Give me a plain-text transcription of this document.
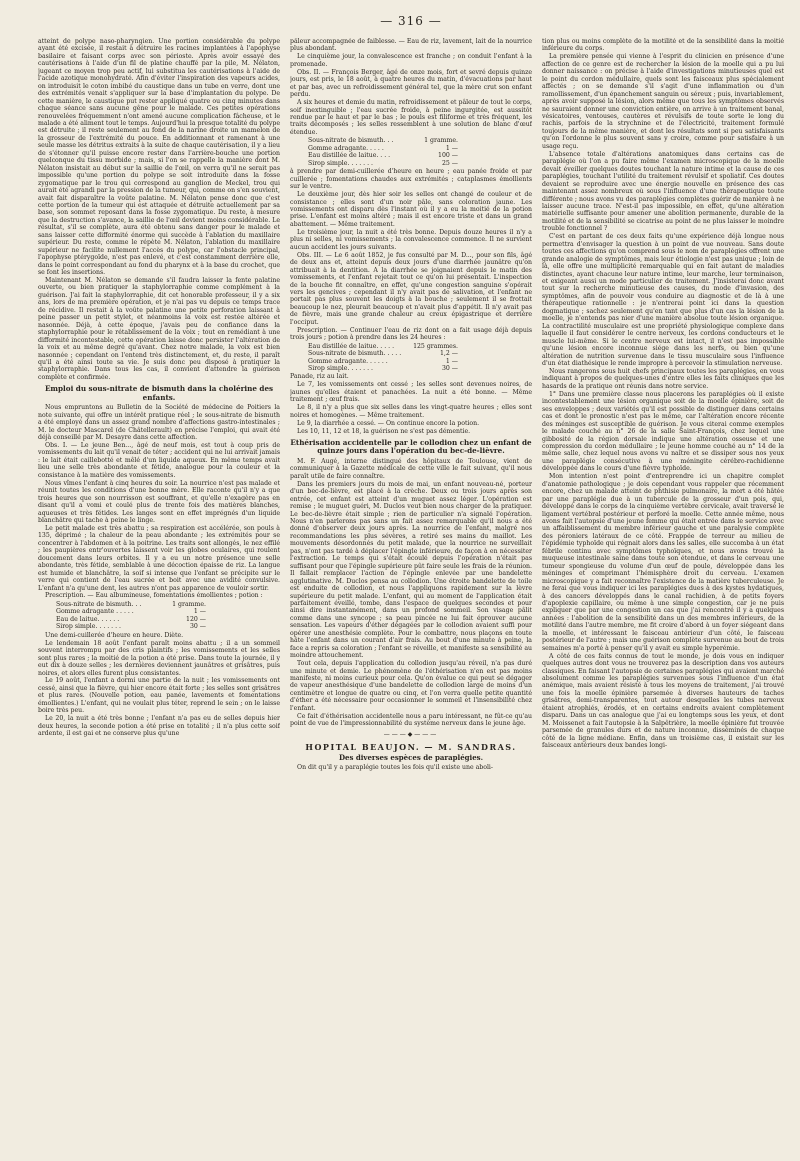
— 316 —

atteint de polype naso-pharyngien. Une portion considérable du polype ayant été excisée, il restait à détruire les racines implantées à l'apophyse basilaire et faisant corps avec son périoste. Après avoir essayé des cautérisations à l'aide d'un fil de platine chauffé par la pile, M. Nélaton, jugeant ce moyen trop peu actif, lui substitua les cautérisations à l'aide de l'acide azotique monohydraté. Afin d'éviter l'inspiration des vapeurs acides, on introduisit le coton imbibé du caustique dans un tube en verre, dont une des extrémités venait s'appliquer sur la base d'implantation du polype. De cette manière, le caustique put rester appliqué quatre ou cinq minutes dans chaque séance sans aucune gêne pour le malade. Ces petites opérations renouvelées fréquemment n'ont amené aucune complication fâcheuse, et le malade a été aliment tout le temps. Aujourd'hui la presque totalité du polype est détruite ; il reste seulement au fond de la narine droite un mamelon de la grosseur de l'extrémité du pouce. En additionnant et ramenant à une seule masse les détritus extraits à la suite de chaque cautérisation, il y a lieu de s'étonner qu'il puisse encore rester dans l'arrière-bouche une portion quelconque du tissu morbide ; mais, si l'on se rappelle la manière dont M. Nélaton insistait au début sur la saillie de l'œil, on verra qu'il ne serait pas impossible qu'une portion du polype se soit introduite dans la fosse zygomatique par le trou qui correspond au ganglion de Meckel, trou qui aurait été agrandi par la pression de la tumeur, qui, comme on s'en souvient, avait fait disparaître la voûte palatine. M. Nélaton pense donc que c'est cette portion de la tumeur qui est attaquée et détruite actuellement par sa base, son sommet reposant dans la fosse zygomatique. Du reste, à mesure que la destruction s'avance, la saillie de l'œil devient moins considérable. Le résultat, s'il se complète, aura été obtenu sans danger pour le malade et sans laisser cette difformité énorme qui succède à l'ablation du maxillaire supérieur. Du reste, comme le répète M. Nélaton, l'ablation du maxillaire supérieur ne facilite nullement l'accès du polype, car l'obstacle principal, l'apophyse ptérygoïde, n'est pas enlevé, et c'est constamment derrière elle, dans le point correspondant au fond du pharynx et à la base du crochet, que se font les insertions.

Maintenant M. Nélaton se demande s'il faudra laisser la fente palatine ouverte, ou bien pratiquer la staphylorraphie comme complément à la guérison. J'ai fait la staphylorraphie, dit cet honorable professeur, il y a six ans, lors de ma première opération, et je n'ai pas vu depuis ce temps trace de récidive. Il restait à la voûte palatine une petite perforation laissant à peine passer un petit stylet, et néanmoins la voix est restée altérée et nasonnée. Déjà, à cette époque, j'avais peu de confiance dans la staphylorraphie pour le rétablissement de la voix ; tout en remédiant à une difformité incontestable, cette opération laisse donc persister l'altération de la voix et au même degré qu'avant. Chez notre malade, la voix est bien nasonnée ; cependant on l'entend très distinctement, et, du reste, il paraît qu'il a été ainsi toute sa vie. Je suis donc peu disposé à pratiquer la staphylorraphie. Dans tous les cas, il convient d'attendre la guérison complète et confirmée.

Emploi du sous-nitrate de bismuth dans la cholérine des enfants.

Nous empruntons au Bulletin de la Société de médecine de Poitiers la note suivante, qui offre un intérêt pratique réel ; le sous-nitrate de bismuth a été employé dans un assez grand nombre d'affections gastro-intestinales ; M. le docteur Mascarel (de Châtellerault) en précise l'emploi, qui avait été déjà conseillé par M. Desayre dans cette affection.

Obs. I. — Le jeune Ben..., âgé de neuf mois, est tout à coup pris de vomissements du lait qu'il venait de téter ; accident qui ne lui arrivait jamais : le lait était caillebotté et mêlé d'un liquide aqueux. En même temps avait lieu une selle très abondante et fétide, analogue pour la couleur et la consistance à la matière des vomissements.

Nous vîmes l'enfant à cinq heures du soir. La nourrice n'est pas malade et réunit toutes les conditions d'une bonne mère. Elle raconte qu'il n'y a que trois heures que son nourrisson est souffrant, et qu'elle n'exagère pas en disant qu'il a vomi et coulé plus de trente fois des matières blanches, aqueuses et très fétides. Les langes sont en effet imprégnés d'un liquide blanchâtre qui tache à peine le linge.

Le petit malade est très abattu ; sa respiration est accélérée, son pouls à 135, déprimé ; la chaleur de la peau abondante ; les extrémités pour se concentrer à l'abdomen et à la poitrine. Les traits sont allongés, le nez effilé ; les paupières entr'ouvertes laissent voir les globes oculaires, qui roulent doucement dans leurs orbites. Il y a eu un notre présence une selle abondante, très fétide, semblable à une décoction épaisse de riz. La langue est humide et blanchâtre, la soif si intense que l'enfant se précipite sur le verre qui contient de l'eau sucrée et boit avec une avidité convulsive. L'enfant n'a qu'une dent, les autres n'ont pas apparence de vouloir sortir.

Prescription. — Eau albumineuse, fomentations émollientes ; potion :

Sous-nitrate de bismuth. . .	1 gramme.
Gomme adragante . . . . .	1 —
Eau de laitue. . . . . .	120 —
Sirop simple. . . . . . .	30 —

Une demi-cuillerée d'heure en heure. Diète.

Le lendemain 18 août l'enfant paraît moins abattu ; il a un sommeil souvent interrompu par des cris plaintifs ; les vomissements et les selles sont plus rares ; la moitié de la potion a été prise. Dans toute la journée, il y eut dix à douze selles ; les dernières deviennent jaunâtres et grisâtres, puis noires, et alors elles furent plus consistantes.

Le 19 août, l'enfant a dormi une partie de la nuit ; les vomissements ont cessé, ainsi que la fièvre, qui hier encore était forte ; les selles sont grisâtres et plus rares. (Nouvelle potion, eau panée, lavements et fomentations émollientes.) L'enfant, qui ne voulait plus téter, reprend le sein ; on le laisse boire très peu.

Le 20, la nuit a été très bonne ; l'enfant n'a pas eu de selles depuis hier deux heures, la seconde potion a été prise en totalité ; il n'a plus cette soif ardente, il est gai et ne conserve plus qu'une

pâleur accompagnée de faiblesse. — Eau de riz, lavement, lait de la nourrice plus abondant.

Le cinquième jour, la convalescence est franche ; on conduit l'enfant à la promenade.

Obs. II. — François Berger, âgé de onze mois, fort et sevré depuis quinze jours, est pris, le 18 août, à quatre heures du matin, d'évacuations par haut et par bas, avec un refroidissement général tel, que la mère crut son enfant perdu.

A six heures et demie du matin, refroidissement et pâleur de tout le corps, soif inextinguible ; l'eau sucrée froide, à peine ingurgitée, est aussitôt rendue par le haut et par le bas ; le pouls est filiforme et très fréquent, les traits décomposés ; les selles ressemblent à une solution de blanc d'œuf étendue.

Sous-nitrate de bismuth. . .	1 gramme.
Gomme adragante. . . . .	1 —
Eau distillée de laitue. . . .	100 —
Sirop simple. . . . . . .	25 —

à prendre par demi-cuillerée d'heure en heure ; eau panée froide et par cuillerée ; fomentations chaudes aux extrémités ; cataplasmes émollients sur le ventre.

Le deuxième jour, dès hier soir les selles ont changé de couleur et de consistance ; elles sont d'un noir pâle, sans coloration jaune. Les vomissements ont disparu dès l'instant où il y a eu la moitié de la potion prise. L'enfant est moins altéré ; mais il est encore triste et dans un grand abattement. — Même traitement.

Le troisième jour, la nuit a été très bonne. Depuis douze heures il n'y a plus ni selles, ni vomissements ; la convalescence commence. Il ne survient aucun accident les jours suivants.

Obs. III. — Le 6 août 1852, je fus consulté par M. D..., pour son fils, âgé de deux ans et, atteint depuis deux jours d'une diarrhée jaunâtre qu'on attribuait à la dentition. A la diarrhée se joignaient depuis le matin des vomissements, et l'enfant rejetait tout ce qu'on lui présentait. L'inspection de la bouche fit connaître, en effet, qu'une congestion sanguine s'opérait vers les gencives ; cependant il n'y avait pas de salivation, et l'enfant ne portait pas plus souvent les doigts à la bouche ; seulement il se frottait beaucoup le nez, pleurait beaucoup et n'avait plus d'appétit. Il n'y avait pas de fièvre, mais une grande chaleur au creux épigastrique et derrière l'occiput.

Prescription. — Continuer l'eau de riz dont on a fait usage déjà depuis trois jours ; potion à prendre dans les 24 heures :

Eau distillée de laitue. . . . .	125 grammes.
Sous-nitrate de bismuth. . . . .	1,2 —
Gomme adragante. . . . . .	1 —
Sirop simple. . . . . . .	30 —

Panade, riz au lait.

Le 7, les vomissements ont cessé ; les selles sont devenues noires, de jaunes qu'elles étaient et panachées. La nuit a été bonne. — Même traitement ; œuf frais.

Le 8, il n'y a plus que six selles dans les vingt-quatre heures ; elles sont noires et homogènes. — Même traitement.

Le 9, la diarrhée a cessé. — On continue encore la potion.

Les 10, 11, 12 et 18, la guérison ne s'est pas démentie.

Ethérisation accidentelle par le collodion chez un enfant de quinze jours dans l'opération du bec-de-lièvre.

M. F. Augé, interne distingué des hôpitaux de Toulouse, vient de communiquer à la Gazette médicale de cette ville le fait suivant, qu'il nous paraît utile de faire connaître.

Dans les premiers jours du mois de mai, un enfant nouveau-né, porteur d'un bec-de-lièvre, est placé à la crèche. Deux ou trois jours après son entrée, cet enfant est atteint d'un muguet assez léger. L'opération est remise ; le muguet guéri, M. Duclos veut bien nous charger de la pratiquer. Le bec-de-lièvre était simple ; rien de particulier n'a signalé l'opération. Nous n'en parlerons pas sans un fait assez remarquable qu'il nous a été donné d'observer deux jours après. La nourrice de l'enfant, malgré nos recommandations les plus sévères, a retiré ses mains du maillot. Les mouvements désordonnés du petit malade, que la nourrice ne surveillait pas, n'ont pas tardé à déplacer l'épingle inférieure, de façon à en nécessiter l'extraction. Le temps qui s'était écoulé depuis l'opération n'était pas suffisant pour que l'épingle supérieure pût faire seule les frais de la réunion. Il fallait remplacer l'action de l'épingle enlevée par une bandelette agglutinative. M. Duclos pensa au collodion. Une étroite bandelette de toile est enduite de collodion, et nous l'appliquons rapidement sur la lèvre supérieure du petit malade. L'enfant, qui au moment de l'application était parfaitement éveillé, tombe, dans l'espace de quelques secondes et pour ainsi dire instantanément, dans un profond sommeil. Son visage pâlit comme dans une syncope ; sa peau pincée ne lui fait éprouver aucune sensation. Les vapeurs d'éther dégagées par le collodion avaient suffi pour opérer une anesthésie complète. Pour le combattre, nous plaçons en toute hâte l'enfant dans un courant d'air frais. Au bout d'une minute à peine, la face a repris sa coloration ; l'enfant se réveille, et manifeste sa sensibilité au moindre attouchement.

Tout cela, depuis l'application du collodion jusqu'au réveil, n'a pas duré une minute et demie. Le phénomène de l'éthérisation n'en est pas moins manifeste, ni moins curieux pour cela. Qu'on évalue ce qui peut se dégager de vapeur anesthésique d'une bandelette de collodion large de moins d'un centimètre et longue de quatre ou cinq, et l'on verra quelle petite quantité d'éther a été nécessaire pour occasionner le sommeil et l'insensibilité chez l'enfant.

Ce fait d'éthérisation accidentelle nous a paru intéressant, ne fût-ce qu'au point de vue de l'impressionnabilité du système nerveux dans le jeune âge.

———◆———
HOPITAL BEAUJON. — M. SANDRAS.
Des diverses espèces de paraplégies.

On dit qu'il y a paraplégie toutes les fois qu'il existe une aboli-

tion plus ou moins complète de la motilité et de la sensibilité dans la moitié inférieure du corps.

La première pensée qui vienne à l'esprit du clinicien en présence d'une affection de ce genre est de rechercher la lésion de la moelle qui a pu lui donner naissance : on précise à l'aide d'investigations minutieuses quel est le point du cordon médullaire, quels sont les faisceaux plus spécialement affectés ; on se demande s'il s'agit d'une inflammation ou d'un ramollissement, d'un épanchement sanguin ou séreux ; puis, invariablement, après avoir supposé la lésion, alors même que tous les symptômes observés ne sauraient donner une conviction entière, on arrive à un traitement banal, vésicatoires, ventouses, cautères et révulsifs de toute sorte le long du rachis, parfois de la strychnine et de l'électricité, traitement formulé toujours de la même manière, et dont les résultats sont si peu satisfaisants qu'on l'ordonne le plus souvent sans y croire, comme pour satisfaire à un usage reçu.

L'absence totale d'altérations anatomiques dans certains cas de paraplégie où l'on a pu faire même l'examen microscopique de la moelle devait éveiller quelques doutes touchant la nature intime et la cause de ces paraplégies, touchant l'utilité du traitement révulsif et spoliatif. Ces doutes devaient se reproduire avec une énergie nouvelle en présence des cas maintenant assez nombreux où sous l'influence d'une thérapeutique toute différente ; nous avons vu des paraplégies complètes guérir de manière à ne laisser aucune trace. N'est-il pas impossible, en effet, qu'une altération matérielle suffisante pour amener une abolition permanente, durable de la motilité et de la sensibilité se cicatrise au point de ne plus laisser le moindre trouble fonctionnel ?

C'est en partant de ces deux faits qu'une expérience déjà longue nous permettra d'envisager la question à un point de vue nouveau. Sans doute toutes ces affections qu'on comprend sous le nom de paraplégies offrent une grande analogie de symptômes, mais leur étiologie n'est pas unique ; loin de là, elle offre une multiplicité remarquable qui en fait autant de maladies distinctes, ayant chacune leur nature intime, leur marche, leur terminaison, et exigeant aussi un mode particulier de traitement. J'insisterai donc avant tout sur la recherche minutieuse des causes, du mode d'invasion, des symptômes, afin de pouvoir vous conduire au diagnostic et de là à une thérapeutique rationnelle : je n'entrerai point ici dans la question dogmatique ; sachez seulement qu'en tant que plus d'un cas la lésion de la moelle, je n'entends pas nier d'une manière absolue toute lésion organique. La contractilité musculaire est une propriété physiologique complexe dans laquelle il faut considérer le centre nerveux, les cordons conducteurs et le muscle lui-même. Si le centre nerveux est intact, il n'est pas impossible qu'une lésion encore inconnue siége dans les nerfs, ou bien qu'une altération de nutrition survenue dans le tissu musculaire sous l'influence d'un état diathésique le rende impropre à percevoir la stimulation nerveuse.

Nous rangerons sous huit chefs principaux toutes les paraplégies, en vous indiquant à propos de quelques-unes d'entre elles les faits cliniques que les hasards de la pratique ont réunis dans notre service.

1° Dans une première classe nous placerons les paraplégies où il existe incontestablement une lésion organique soit de la moelle épinière, soit de ses enveloppes ; deux variétés qu'il est possible de distinguer dans certains cas et dont le pronostic n'est pas le même, car l'altération encore récente des méninges est susceptible de guérison. Je vous citerai comme exemples le malade couché au n° 26 de la salle Saint-François, chez lequel une gibbosité de la région dorsale indique une altération osseuse et une compression du cordon médullaire ; le jeune homme couché au n° 14 de la même salle, chez lequel nous avons vu naître et se dissiper sous nos yeux une paraplégie consécutive à une méningite cérébro-rachidienne développée dans le cours d'une fièvre typhoïde.

Mon intention n'est point d'entreprendre ici un chapitre complet d'anatomie pathologique ; je dois cependant vous rappeler que récemment encore, chez un malade atteint de phthisie pulmonaire, la mort a été hâtée par une paraplégie due à un tubercule de la grosseur d'un pois, qui, développé dans le corps de la cinquième vertèbre cervicale, avait traversé le ligament vertébral postérieur et perforé la moelle. Cette année même, nous avons fait l'autopsie d'une jeune femme qui était entrée dans le service avec un affaiblissement du membre inférieur gauche et une paralysie complète des péroniers latéraux de ce côté. Frappée de terreur au milieu de l'épidémie typhoïde qui régnait alors dans les salles, elle succomba à un état fébrile continu avec symptômes typhoïques, et nous avons trouvé la muqueuse intestinale saine dans toute son étendue, et dans le cerveau une tumeur spongieuse du volume d'un œuf de poule, développée dans les méninges et comprimant l'hémisphère droit du cerveau. L'examen microscopique y a fait reconnaître l'existence de la matière tuberculeuse. Je ne ferai que vous indiquer ici les paraplégies dues à des kystes hydatiques, à des cancers développés dans le canal rachidien, à de petits foyers d'apoplexie capillaire, ou même à une simple congestion, car je ne puis expliquer que par une congestion un cas que j'ai rencontré il y a quelques années : l'abolition de la sensibilité dans un des membres inférieurs, de la motilité dans l'autre membre, me fit croire d'abord à un foyer siégeant dans la moelle, et intéressant le faisceau antérieur d'un côté, le faisceau postérieur de l'autre ; mais une guérison complète survenue au bout de trois semaines m'a porté à penser qu'il y avait eu simple hyperémie.

A côté de ces faits connus de tout le monde, je dois vous en indiquer quelques autres dont vous ne trouverez pas la description dans vos auteurs classiques. En faisant l'autopsie de certaines paraplégies qui avaient marché absolument comme les paraplégies survenues sous l'influence d'un état anémique, mais avaient résisté à tous les moyens de traitement, j'ai trouvé une fois la moelle épinière parsemée à diverses hauteurs de taches grisâtres, demi-transparentes, tout autour desquelles les tubes nerveux étaient atrophiés, érodés, et en certains endroits avaient complètement disparu. Dans un cas analogue que j'ai eu longtemps sous les yeux, et dont M. Moissenet a fait l'autopsie à la Salpêtrière, la moelle épinière fut trouvée parsemée de granules durs et de nature inconnue, disséminés de chaque côté de la ligne médiane. Enfin, dans un troisième cas, il existait sur les faisceaux antérieurs deux bandes longi-
